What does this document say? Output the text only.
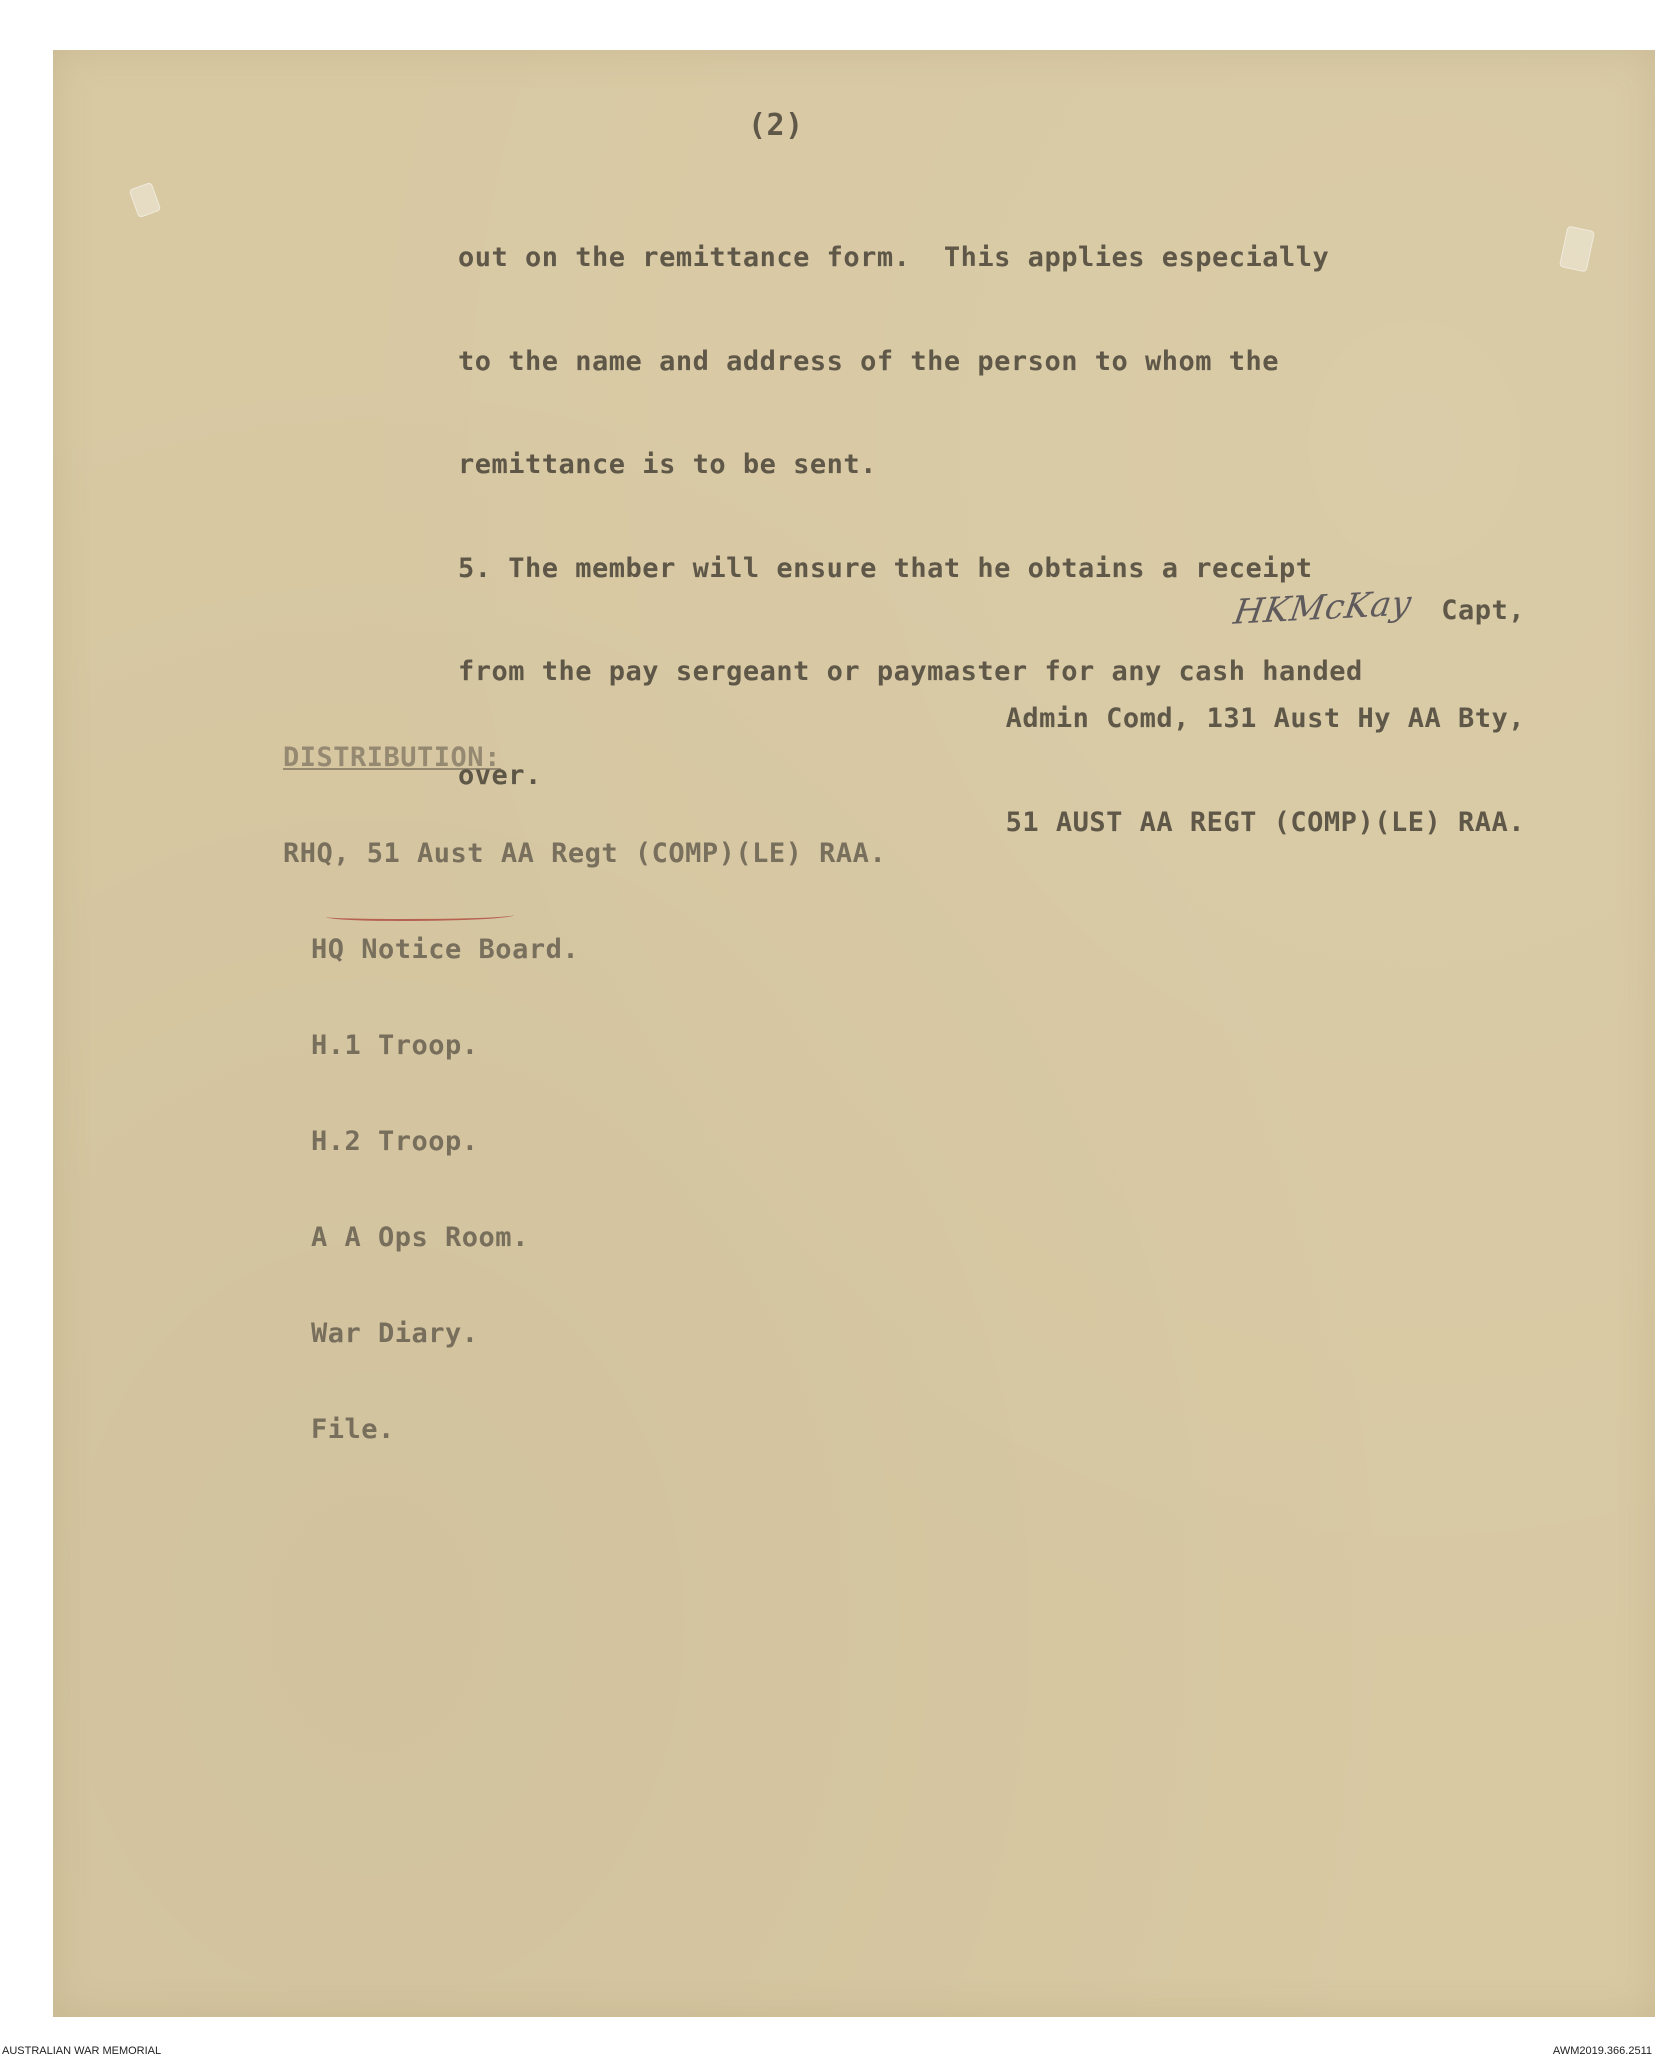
(2)

out on the remittance form.  This applies especially

to the name and address of the person to whom the

remittance is to be sent.

5. The member will ensure that he obtains a receipt

from the pay sergeant or paymaster for any cash handed

over.

HKMcKay Capt,

Admin Comd, 131 Aust Hy AA Bty,

51 AUST AA REGT (COMP)(LE) RAA.

DISTRIBUTION:

RHQ, 51 Aust AA Regt (COMP)(LE) RAA.

HQ Notice Board.

H.1 Troop.

H.2 Troop.

A A Ops Room.

War Diary.

File.

AUSTRALIAN WAR MEMORIAL	AWM2019.366.2511
